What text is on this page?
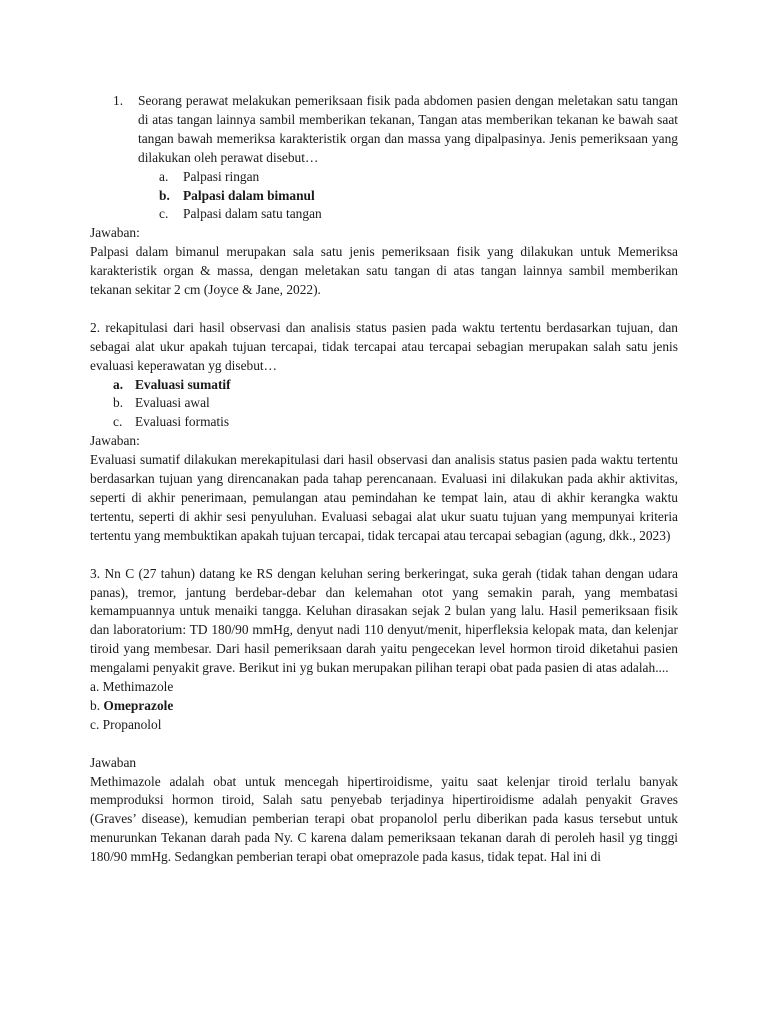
1.	Seorang perawat melakukan pemeriksaan fisik pada abdomen pasien dengan meletakan satu tangan di atas tangan lainnya sambil memberikan tekanan, Tangan atas memberikan tekanan ke bawah saat tangan bawah memeriksa karakteristik organ dan massa yang dipalpasinya. Jenis pemeriksaan yang dilakukan oleh perawat disebut…
a.	Palpasi ringan
b. Palpasi dalam bimanul
c.	Palpasi dalam satu tangan
Jawaban:
Palpasi dalam bimanul merupakan sala satu jenis pemeriksaan fisik yang dilakukan untuk Memeriksa karakteristik organ & massa, dengan meletakan satu tangan di atas tangan lainnya sambil memberikan tekanan sekitar 2 cm (Joyce & Jane, 2022).
2. rekapitulasi dari hasil observasi dan analisis status pasien pada waktu tertentu berdasarkan tujuan, dan sebagai alat ukur apakah tujuan tercapai, tidak tercapai atau tercapai sebagian merupakan salah satu jenis evaluasi keperawatan yg disebut…
a. Evaluasi sumatif
b. Evaluasi awal
c. Evaluasi formatis
Jawaban:
Evaluasi sumatif dilakukan merekapitulasi dari hasil observasi dan analisis status pasien pada waktu tertentu berdasarkan tujuan yang direncanakan pada tahap perencanaan. Evaluasi ini dilakukan pada akhir aktivitas, seperti di akhir penerimaan, pemulangan atau pemindahan ke tempat lain, atau di akhir kerangka waktu tertentu, seperti di akhir sesi penyuluhan. Evaluasi sebagai alat ukur suatu tujuan yang mempunyai kriteria tertentu yang membuktikan apakah tujuan tercapai, tidak tercapai atau tercapai sebagian (agung, dkk., 2023)
3. Nn C (27 tahun) datang ke RS dengan keluhan sering berkeringat, suka gerah (tidak tahan dengan udara panas), tremor, jantung berdebar-debar dan kelemahan otot yang semakin parah, yang membatasi kemampuannya untuk menaiki tangga. Keluhan dirasakan sejak 2 bulan yang lalu. Hasil pemeriksaan fisik dan laboratorium: TD 180/90 mmHg, denyut nadi 110 denyut/menit, hiperfleksia kelopak mata, dan kelenjar tiroid yang membesar. Dari hasil pemeriksaan darah yaitu pengecekan level hormon tiroid diketahui pasien mengalami penyakit grave. Berikut ini yg bukan merupakan pilihan terapi obat pada pasien di atas adalah....
a. Methimazole
b. Omeprazole
c. Propanolol
Jawaban
Methimazole adalah obat untuk mencegah hipertiroidisme, yaitu saat kelenjar tiroid terlalu banyak memproduksi hormon tiroid, Salah satu penyebab terjadinya hipertiroidisme adalah penyakit Graves (Graves’ disease), kemudian pemberian terapi obat propanolol perlu diberikan pada kasus tersebut untuk menurunkan Tekanan darah pada Ny. C karena dalam pemeriksaan tekanan darah di peroleh hasil yg tinggi 180/90 mmHg. Sedangkan pemberian terapi obat omeprazole pada kasus, tidak tepat. Hal ini di
